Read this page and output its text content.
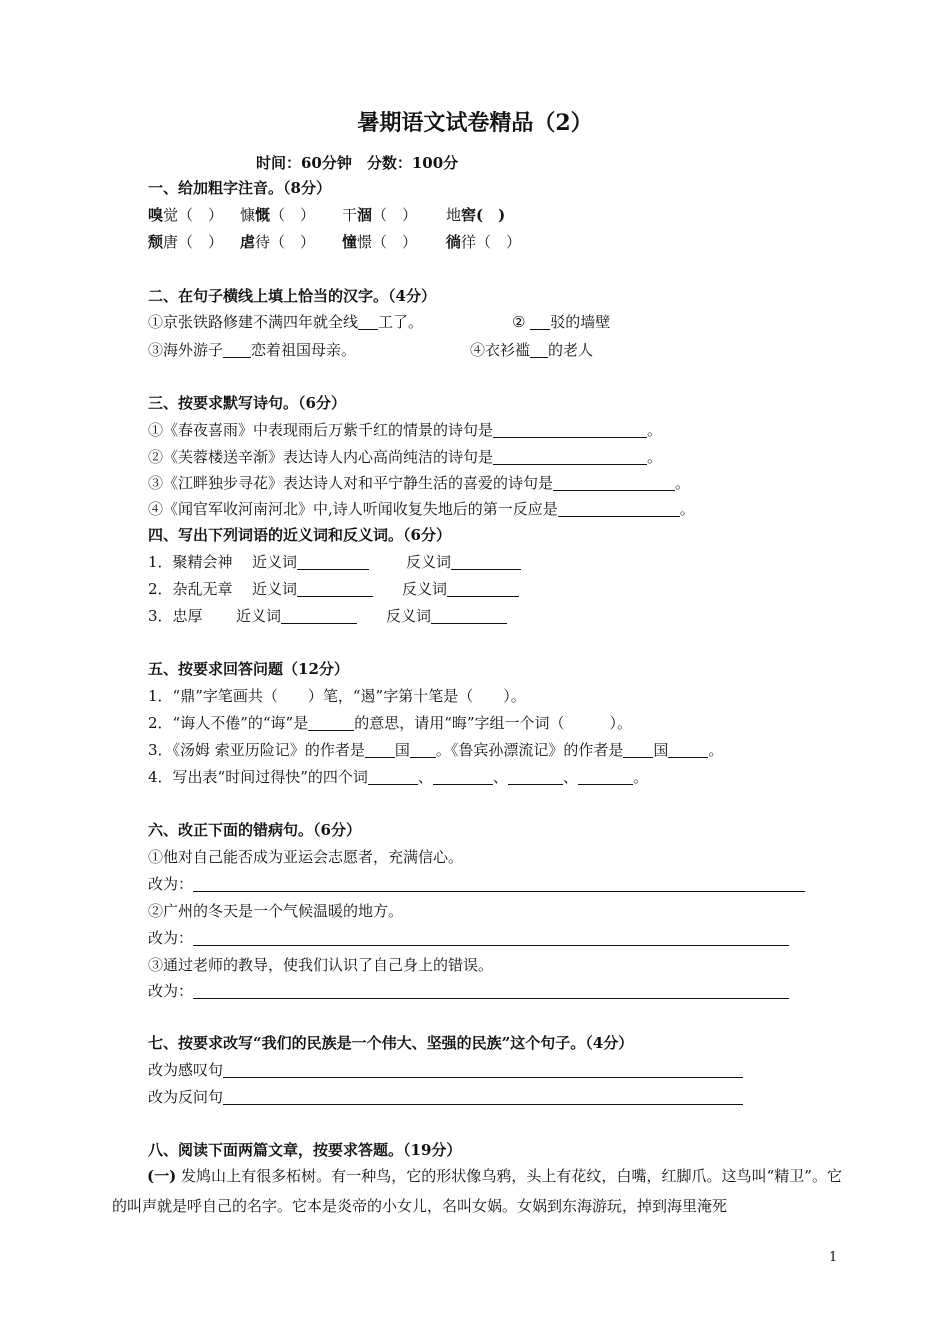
暑期语文试卷精品（2）
时间：60分钟　分数：100分
一、给加粗字注音。（8分）
嗅觉（　） 慷慨（　） 干涸（　） 地窖(　)
颓唐（　） 虐待（　） 憧憬（　） 徜徉（　）
二、在句子横线上填上恰当的汉字。（4分）
①京张铁路修建不满四年就全线 工了。	② 驳的墙壁
③海外游子 恋着祖国母亲。	④衣衫褴 的老人
三、按要求默写诗句。（6分）
①《春夜喜雨》中表现雨后万紫千红的情景的诗句是	。
②《芙蓉楼送辛渐》表达诗人内心高尚纯洁的诗句是	。
③《江畔独步寻花》表达诗人对和平宁静生活的喜爱的诗句是	。
④《闻官军收河南河北》中,诗人听闻收复失地后的第一反应是	。
四、写出下列词语的近义词和反义词。（6分）
1．聚精会神 近义词	反义词
2．杂乱无章 近义词	反义词
3．忠厚 近义词	反义词
五、按要求回答问题（12分）
1．“鼎”字笔画共（　　）笔，“遏”字第十笔是（　　）。
2．“诲人不倦”的“诲”是	的意思，请用“晦”字组一个词（　　　）。
3．《汤姆 索亚历险记》的作者是 国 。《鲁宾孙漂流记》的作者是 国	。
4．写出表“时间过得快”的四个词	、	、	、	。
六、改正下面的错病句。（6分）
①他对自己能否成为亚运会志愿者，充满信心。
改为：
②广州的冬天是一个气候温暖的地方。
改为：
③通过老师的教导，使我们认识了自己身上的错误。
改为：
七、按要求改写“我们的民族是一个伟大、坚强的民族”这个句子。（4分）
改为感叹句
改为反问句
八、阅读下面两篇文章，按要求答题。（19分）
(一) 发鸠山上有很多柘树。有一种鸟，它的形状像乌鸦，头上有花纹，白嘴，红脚爪。这鸟叫“精卫”。它的叫声就是呼自己的名字。它本是炎帝的小女儿，名叫女娲。女娲到东海游玩，掉到海里淹死
1
